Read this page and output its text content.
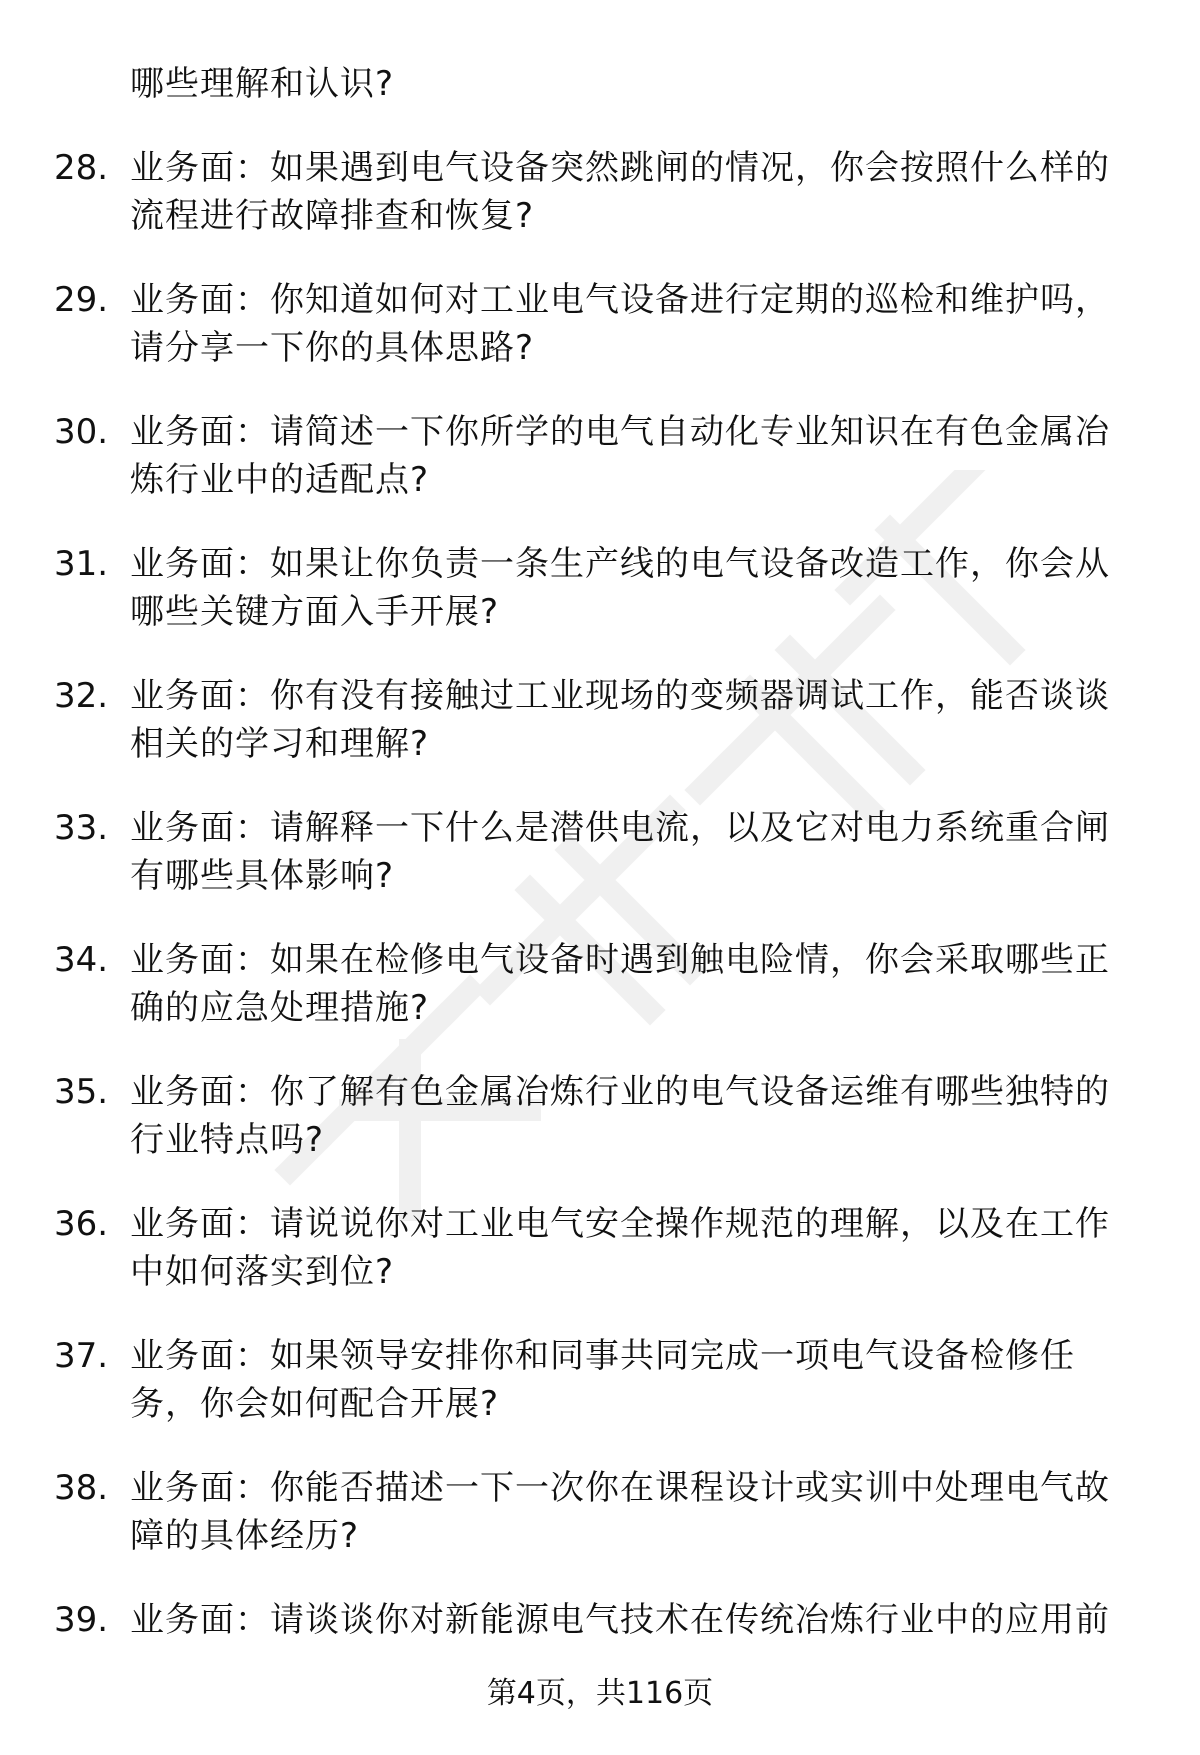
哪些理解和认识?
28. 业务面：如果遇到电气设备突然跳闸的情况，你会按照什么样的
流程进行故障排查和恢复?
29. 业务面：你知道如何对工业电气设备进行定期的巡检和维护吗，
请分享一下你的具体思路?
30. 业务面：请简述一下你所学的电气自动化专业知识在有色金属冶
炼行业中的适配点?
31. 业务面：如果让你负责一条生产线的电气设备改造工作，你会从
哪些关键方面入手开展?
32. 业务面：你有没有接触过工业现场的变频器调试工作，能否谈谈
相关的学习和理解?
33. 业务面：请解释一下什么是潜供电流，以及它对电力系统重合闸
有哪些具体影响?
34. 业务面：如果在检修电气设备时遇到触电险情，你会采取哪些正
确的应急处理措施?
35. 业务面：你了解有色金属冶炼行业的电气设备运维有哪些独特的
行业特点吗?
36. 业务面：请说说你对工业电气安全操作规范的理解，以及在工作
中如何落实到位?
37. 业务面：如果领导安排你和同事共同完成一项电气设备检修任
务，你会如何配合开展?
38. 业务面：你能否描述一下一次你在课程设计或实训中处理电气故
障的具体经历?
39. 业务面：请谈谈你对新能源电气技术在传统冶炼行业中的应用前
第4页，共116页
